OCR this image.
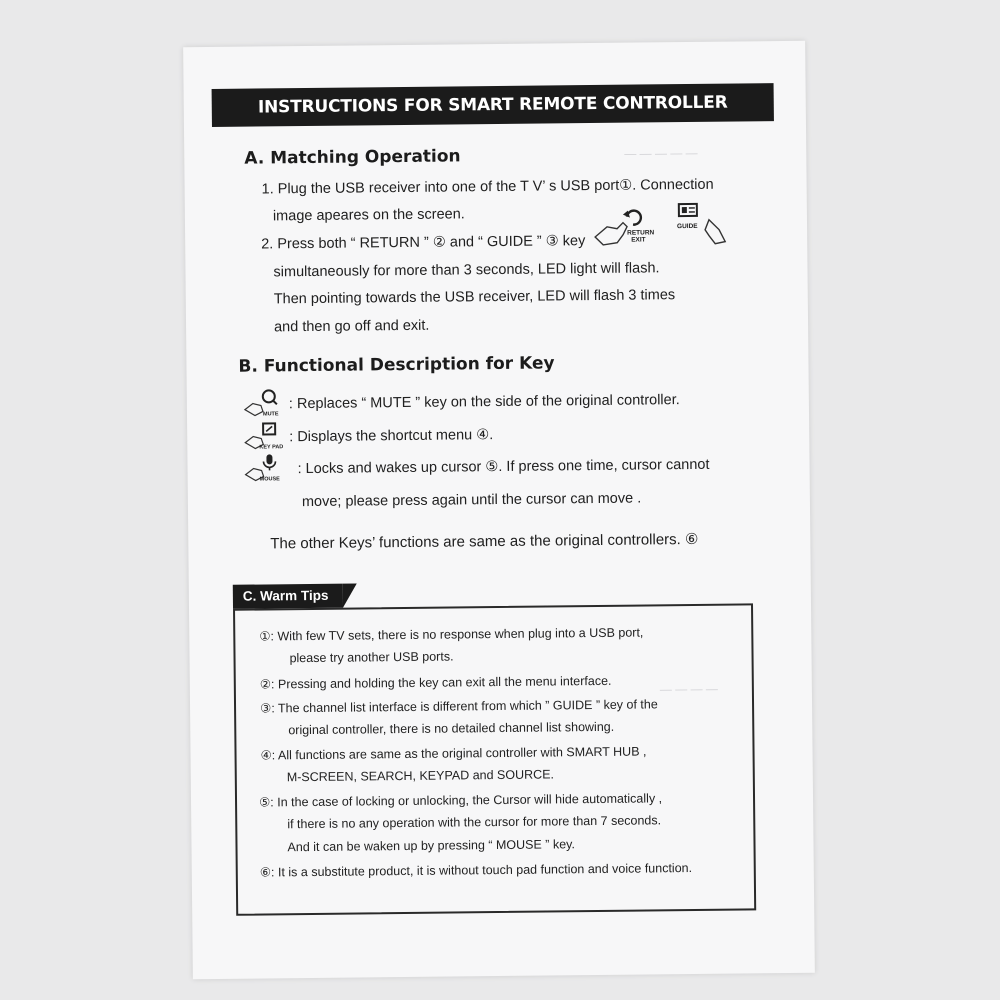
INSTRUCTIONS FOR SMART REMOTE CONTROLLER
— — — — —
— — — —
A. Matching Operation
1. Plug the USB receiver into one of the T V’ s USB port①. Connection
image apeares on the screen.
2. Press both “ RETURN ” ② and “ GUIDE ” ③ key
RETURN
EXIT
GUIDE
simultaneously for more than 3 seconds, LED light will flash.
Then pointing towards the USB receiver, LED will flash 3 times
and then go off and exit.
B. Functional Description for Key
MUTE
: Replaces “ MUTE ” key on the side of the original controller.
KEY PAD
: Displays the shortcut menu ④.
MOUSE
: Locks and wakes up cursor ⑤. If press one time, cursor cannot
move; please press again until the cursor can move .
The other Keys’ functions are same as the original controllers. ⑥
C. Warm Tips
①: With few TV sets, there is no response when plug into a USB port,
please try another USB ports.
②: Pressing and holding the key can exit all the menu interface.
③: The channel list interface is different from which ” GUIDE ” key of the
original controller, there is no detailed channel list showing.
④: All functions are same as the original controller with SMART HUB ,
M-SCREEN, SEARCH, KEYPAD and SOURCE.
⑤: In the case of locking or unlocking, the Cursor will hide automatically ,
if there is no any operation with the cursor for more than 7 seconds.
And it can be waken up by pressing “ MOUSE ” key.
⑥: It is a substitute product, it is without touch pad function and voice function.
